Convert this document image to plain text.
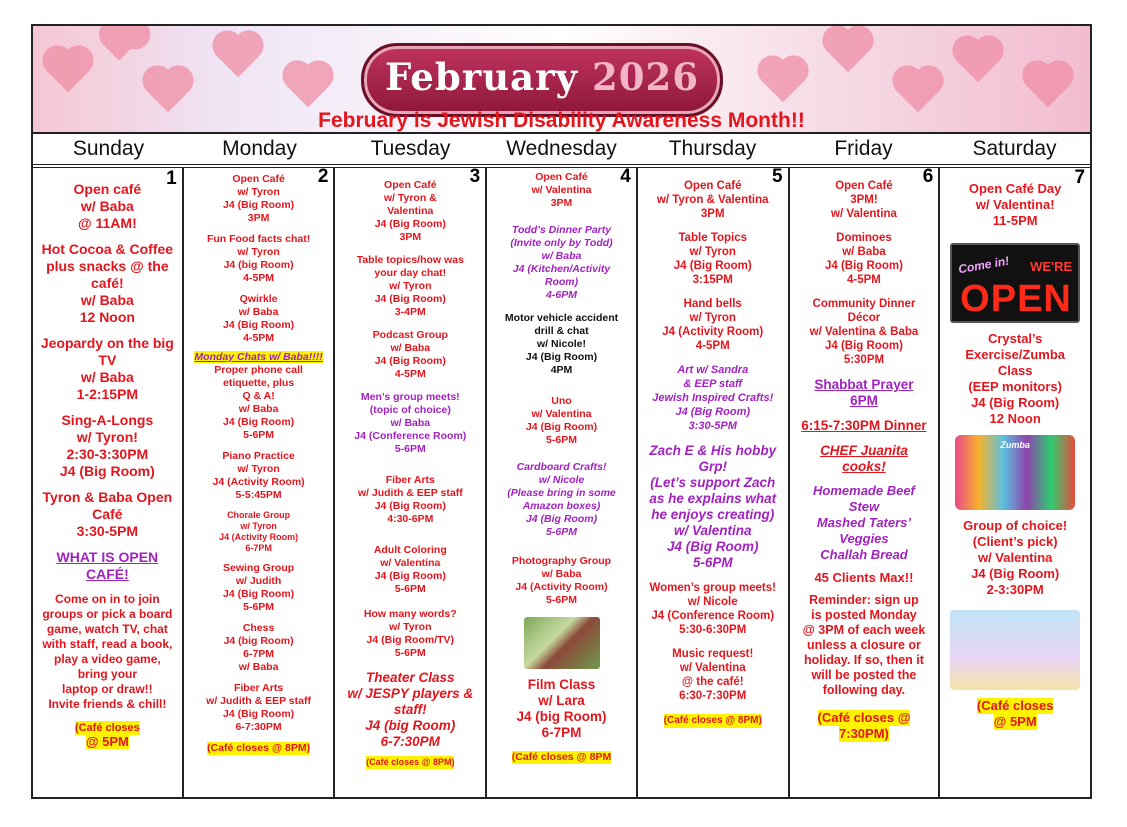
February 2026
February is Jewish Disability Awareness Month!!
Sunday	Monday	Tuesday	Wednesday	Thursday	Friday	Saturday
1
Open café
w/ Baba
@ 11AM!
Hot Cocoa & Coffee
plus snacks @ the
café!
w/ Baba
12 Noon
Jeopardy on the big
TV
w/ Baba
1-2:15PM
Sing-A-Longs
w/ Tyron!
2:30-3:30PM
J4 (Big Room)
Tyron & Baba Open
Café
3:30-5PM
WHAT IS OPEN
CAFÉ!
Come on in to join
groups or pick a board
game, watch TV, chat
with staff, read a book,
play a video game,
bring your
laptop or draw!!
Invite friends & chill!
(Café closes
@ 5PM
2
Open Café
w/ Tyron
J4 (Big Room)
3PM
Fun Food facts chat!
w/ Tyron
J4 (big Room)
4-5PM
Qwirkle
w/ Baba
J4 (Big Room)
4-5PM
Monday Chats w/ Baba!!!!
Proper phone call
etiquette, plus
Q & A!
w/ Baba
J4 (Big Room)
5-6PM
Piano Practice
w/ Tyron
J4 (Activity Room)
5-5:45PM
Chorale Group
w/ Tyron
J4 (Activity Room)
6-7PM
Sewing Group
w/ Judith
J4 (Big Room)
5-6PM
Chess
J4 (big Room)
6-7PM
w/ Baba
Fiber Arts
w/ Judith & EEP staff
J4 (Big Room)
6-7:30PM
(Café closes @ 8PM)
3
Open Café
w/ Tyron &
Valentina
J4 (Big Room)
3PM
Table topics/how was
your day chat!
w/ Tyron
J4 (Big Room)
3-4PM
Podcast Group
w/ Baba
J4 (Big Room)
4-5PM
Men’s group meets!
(topic of choice)
w/ Baba
J4 (Conference Room)
5-6PM
Fiber Arts
w/ Judith & EEP staff
J4 (Big Room)
4:30-6PM
Adult Coloring
w/ Valentina
J4 (Big Room)
5-6PM
How many words?
w/ Tyron
J4 (Big Room/TV)
5-6PM
Theater Class
w/ JESPY players &
staff!
J4 (big Room)
6-7:30PM
(Café closes @ 8PM)
4
Open Café
w/ Valentina
3PM
Todd’s Dinner Party
(Invite only by Todd)
w/ Baba
J4 (Kitchen/Activity
Room)
4-6PM
Motor vehicle accident
drill & chat
w/ Nicole!
J4 (Big Room)
4PM
Uno
w/ Valentina
J4 (Big Room)
5-6PM
Cardboard Crafts!
w/ Nicole
(Please bring in some
Amazon boxes)
J4 (Big Room)
5-6PM
Photography Group
w/ Baba
J4 (Activity Room)
5-6PM
Film Class
w/ Lara
J4 (big Room)
6-7PM
(Café closes @ 8PM
5
Open Café
w/ Tyron & Valentina
3PM
Table Topics
w/ Tyron
J4 (Big Room)
3:15PM
Hand bells
w/ Tyron
J4 (Activity Room)
4-5PM
Art w/ Sandra
& EEP staff
Jewish Inspired Crafts!
J4 (Big Room)
3:30-5PM
Zach E & His hobby
Grp!
(Let’s support Zach
as he explains what
he enjoys creating)
w/ Valentina
J4 (Big Room)
5-6PM
Women’s group meets!
w/ Nicole
J4 (Conference Room)
5:30-6:30PM
Music request!
w/ Valentina
@ the café!
6:30-7:30PM
(Café closes @ 8PM)
6
Open Café
3PM!
w/ Valentina
Dominoes
w/ Baba
J4 (Big Room)
4-5PM
Community Dinner
Décor
w/ Valentina & Baba
J4 (Big Room)
5:30PM
Shabbat Prayer
6PM
6:15-7:30PM Dinner
CHEF Juanita
cooks!
Homemade Beef
Stew
Mashed Taters’
Veggies
Challah Bread
45 Clients Max!!
Reminder: sign up
is posted Monday
@ 3PM of each week
unless a closure or
holiday. If so, then it
will be posted the
following day.
(Café closes @
7:30PM)
7
Open Café Day
w/ Valentina!
11-5PM
Come in! WE'RE
OPEN
Crystal’s
Exercise/Zumba
Class
(EEP monitors)
J4 (Big Room)
12 Noon
Zumba
Group of choice!
(Client’s pick)
w/ Valentina
J4 (Big Room)
2-3:30PM
(Café closes
@ 5PM
